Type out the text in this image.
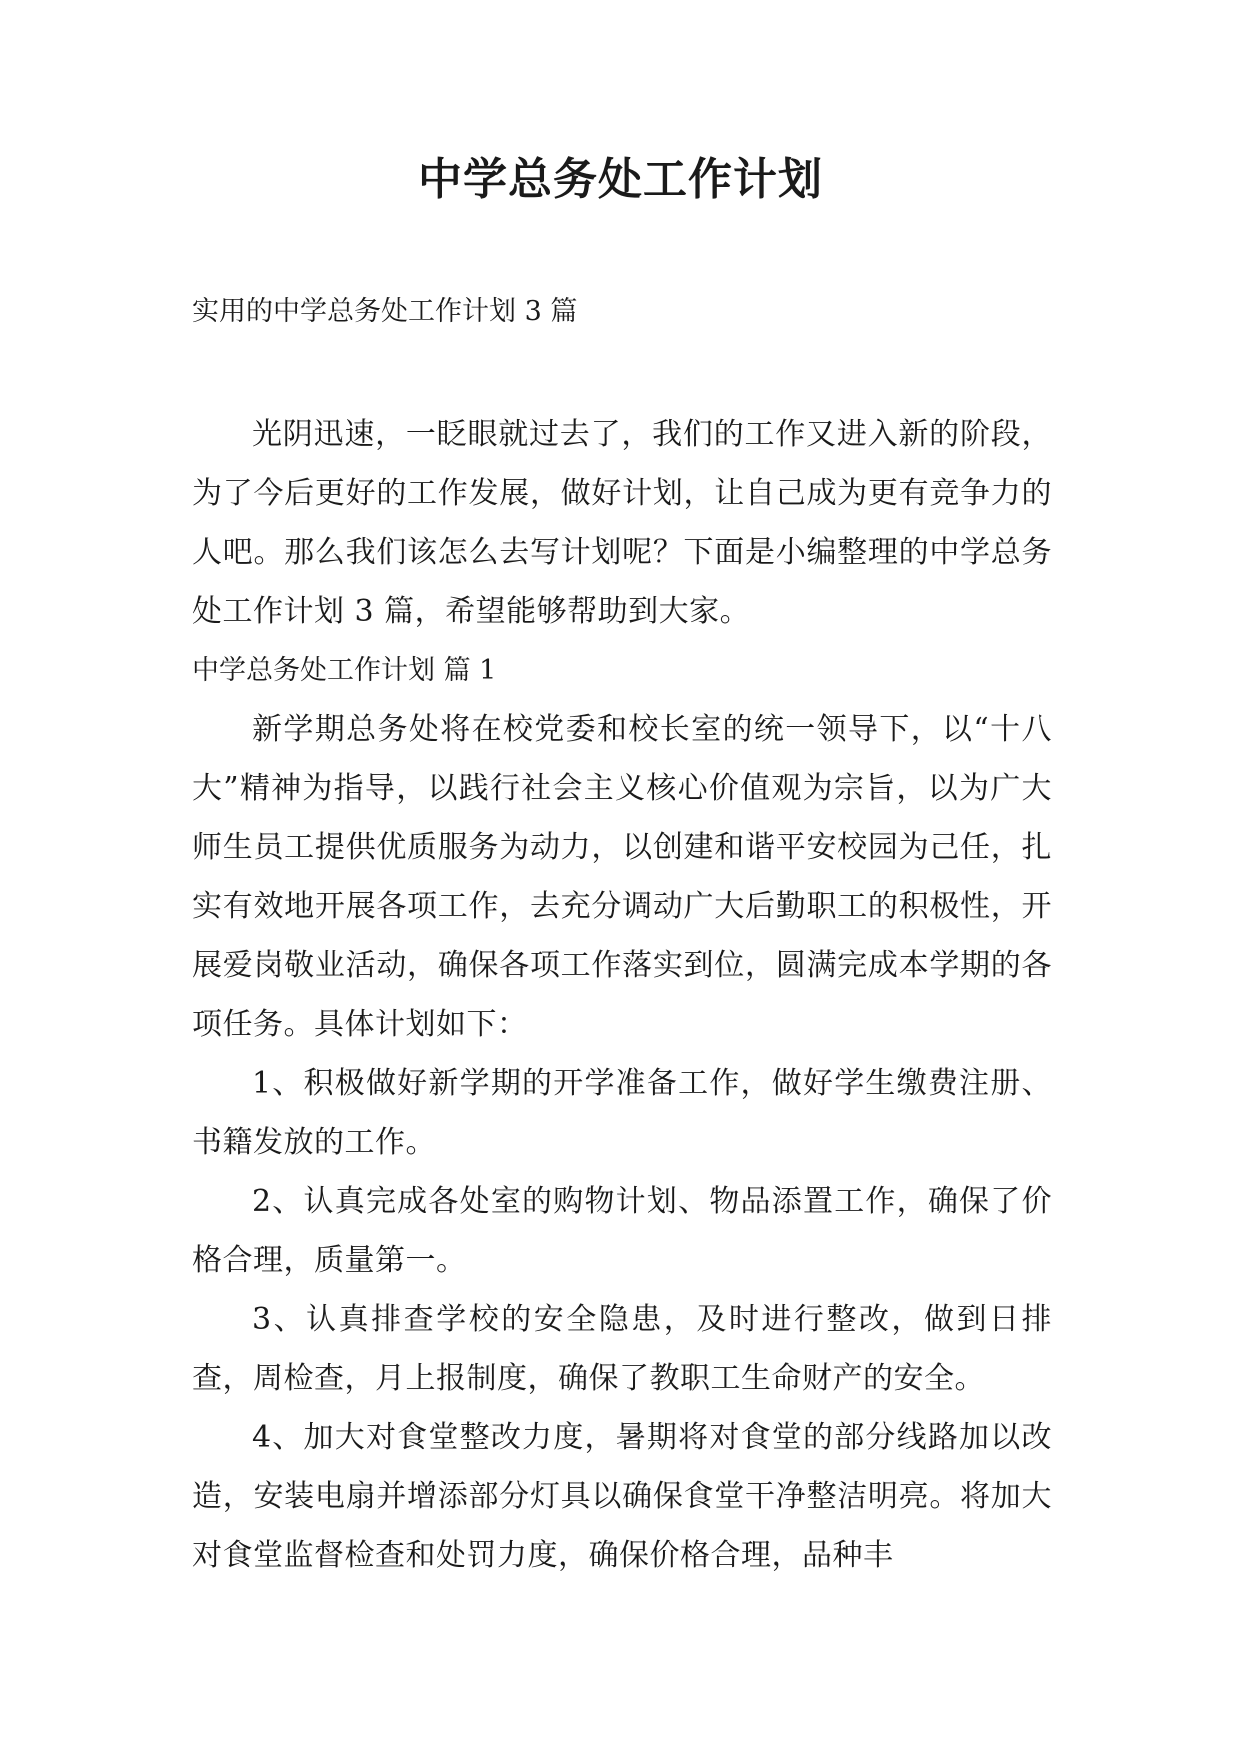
中学总务处工作计划

实用的中学总务处工作计划 3 篇

光阴迅速，一眨眼就过去了，我们的工作又进入新的阶段，为了今后更好的工作发展，做好计划，让自己成为更有竞争力的人吧。那么我们该怎么去写计划呢？下面是小编整理的中学总务处工作计划 3 篇，希望能够帮助到大家。

中学总务处工作计划 篇 1

新学期总务处将在校党委和校长室的统一领导下，以“十八大”精神为指导，以践行社会主义核心价值观为宗旨，以为广大师生员工提供优质服务为动力，以创建和谐平安校园为己任，扎实有效地开展各项工作，去充分调动广大后勤职工的积极性，开展爱岗敬业活动，确保各项工作落实到位，圆满完成本学期的各项任务。具体计划如下：

1、积极做好新学期的开学准备工作，做好学生缴费注册、书籍发放的工作。

2、认真完成各处室的购物计划、物品添置工作，确保了价格合理，质量第一。

3、认真排查学校的安全隐患，及时进行整改，做到日排查，周检查，月上报制度，确保了教职工生命财产的安全。

4、加大对食堂整改力度，暑期将对食堂的部分线路加以改造，安装电扇并增添部分灯具以确保食堂干净整洁明亮。将加大对食堂监督检查和处罚力度，确保价格合理，品种丰
